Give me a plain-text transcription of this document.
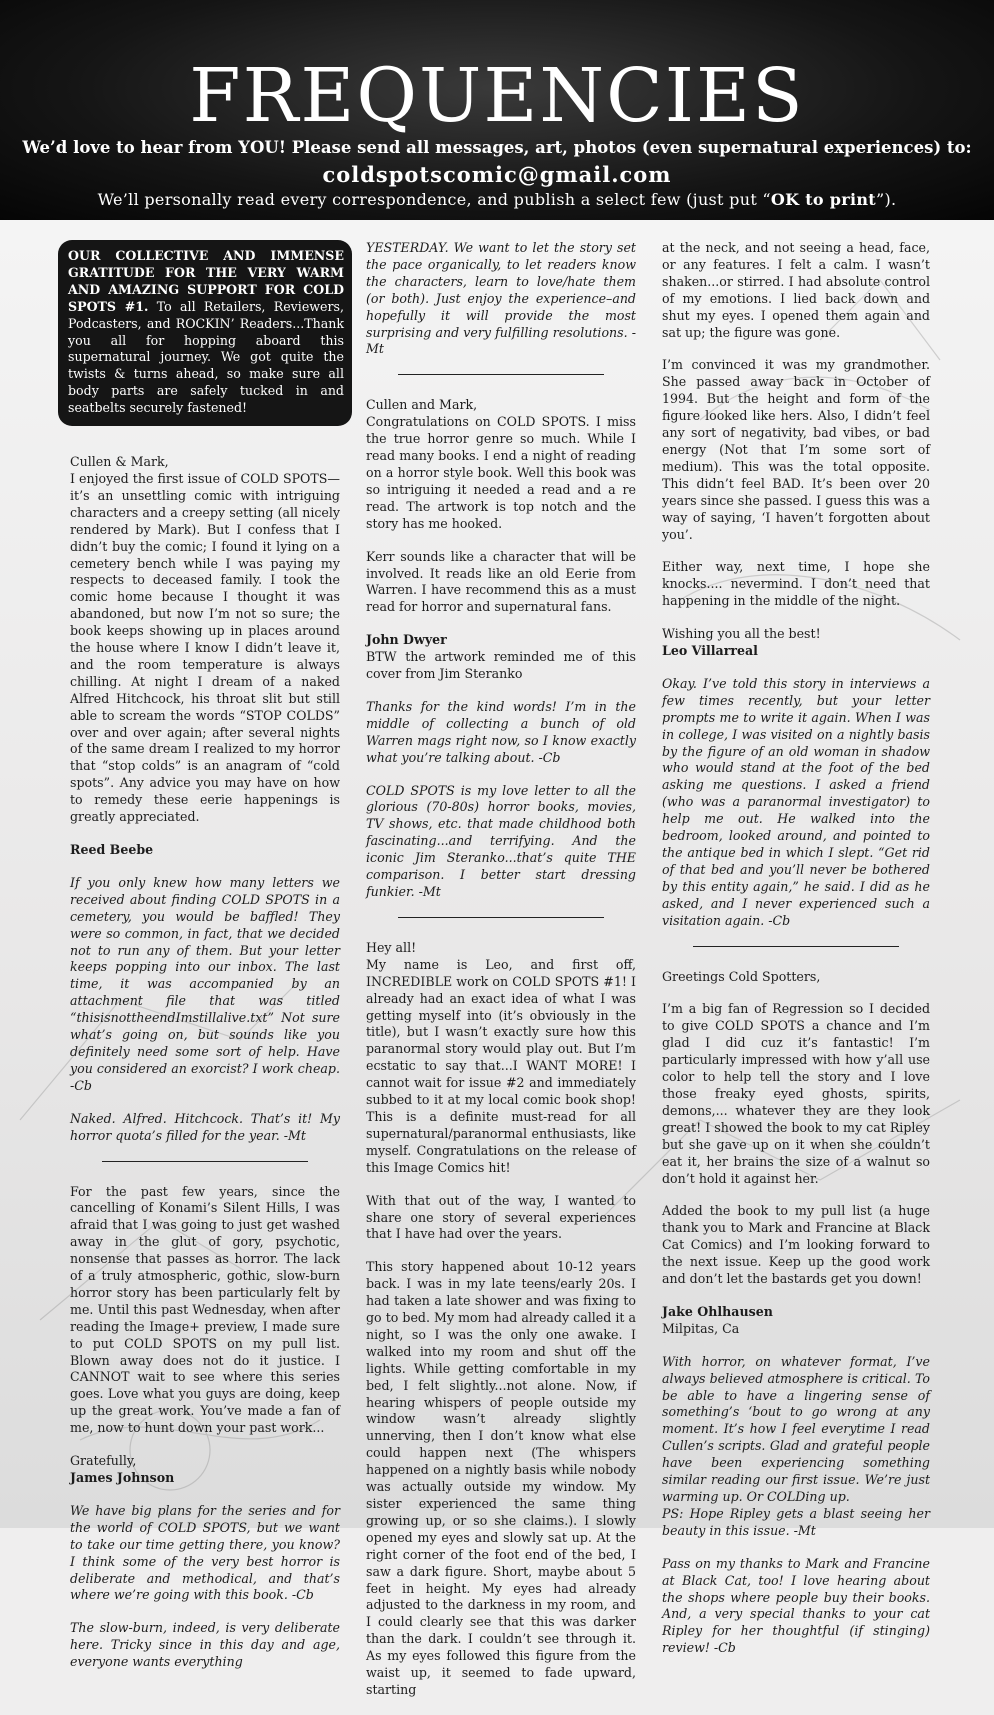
FREQUENCIES

We’d love to hear from YOU! Please send all messages, art, photos (even supernatural experiences) to:

coldspotscomic@gmail.com

We’ll personally read every correspondence, and publish a select few (just put “OK to print”).

OUR COLLECTIVE AND IMMENSE GRATITUDE FOR THE VERY WARM AND AMAZING SUPPORT FOR COLD SPOTS #1. To all Retailers, Reviewers, Podcasters, and ROCKIN’ Readers...Thank you all for hopping aboard this supernatural journey. We got quite the twists & turns ahead, so make sure all body parts are safely tucked in and seatbelts securely fastened!

Cullen & Mark,

I enjoyed the first issue of COLD SPOTS—it’s an unsettling comic with intriguing characters and a creepy setting (all nicely rendered by Mark). But I confess that I didn’t buy the comic; I found it lying on a cemetery bench while I was paying my respects to deceased family. I took the comic home because I thought it was abandoned, but now I’m not so sure; the book keeps showing up in places around the house where I know I didn’t leave it, and the room temperature is always chilling. At night I dream of a naked Alfred Hitchcock, his throat slit but still able to scream the words “STOP COLDS” over and over again; after several nights of the same dream I realized to my horror that “stop colds” is an anagram of “cold spots”. Any advice you may have on how to remedy these eerie happenings is greatly appreciated.

Reed Beebe

If you only knew how many letters we received about finding COLD SPOTS in a cemetery, you would be baffled! They were so common, in fact, that we decided not to run any of them. But your letter keeps popping into our inbox. The last time, it was accompanied by an attachment file that was titled “thisisnottheendImstillalive.txt” Not sure what’s going on, but sounds like you definitely need some sort of help. Have you considered an exorcist? I work cheap. -Cb

Naked. Alfred. Hitchcock. That’s it! My horror quota’s filled for the year. -Mt

For the past few years, since the cancelling of Konami’s Silent Hills, I was afraid that I was going to just get washed away in the glut of gory, psychotic, nonsense that passes as horror. The lack of a truly atmospheric, gothic, slow-burn horror story has been particularly felt by me. Until this past Wednesday, when after reading the Image+ preview, I made sure to put COLD SPOTS on my pull list. Blown away does not do it justice. I CANNOT wait to see where this series goes. Love what you guys are doing, keep up the great work. You’ve made a fan of me, now to hunt down your past work...

Gratefully,

James Johnson

We have big plans for the series and for the world of COLD SPOTS, but we want to take our time getting there, you know? I think some of the very best horror is deliberate and methodical, and that’s where we’re going with this book. -Cb

The slow-burn, indeed, is very deliberate here. Tricky since in this day and age, everyone wants everything

YESTERDAY. We want to let the story set the pace organically, to let readers know the characters, learn to love/hate them (or both). Just enjoy the experience–and hopefully it will provide the most surprising and very fulfilling resolutions. -Mt

Cullen and Mark,

Congratulations on COLD SPOTS. I miss the true horror genre so much. While I read many books. I end a night of reading on a horror style book. Well this book was so intriguing it needed a read and a re read. The artwork is top notch and the story has me hooked.

Kerr sounds like a character that will be involved. It reads like an old Eerie from Warren. I have recommend this as a must read for horror and supernatural fans.

John Dwyer

BTW the artwork reminded me of this cover from Jim Steranko

Thanks for the kind words! I’m in the middle of collecting a bunch of old Warren mags right now, so I know exactly what you’re talking about. -Cb

COLD SPOTS is my love letter to all the glorious (70-80s) horror books, movies, TV shows, etc. that made childhood both fascinating...and terrifying. And the iconic Jim Steranko...that’s quite THE comparison. I better start dressing funkier. -Mt

Hey all!

My name is Leo, and first off, INCREDIBLE work on COLD SPOTS #1! I already had an exact idea of what I was getting myself into (it’s obviously in the title), but I wasn’t exactly sure how this paranormal story would play out. But I’m ecstatic to say that...I WANT MORE! I cannot wait for issue #2 and immediately subbed to it at my local comic book shop! This is a definite must-read for all supernatural/paranormal enthusiasts, like myself. Congratulations on the release of this Image Comics hit!

With that out of the way, I wanted to share one story of several experiences that I have had over the years.

This story happened about 10-12 years back. I was in my late teens/early 20s. I had taken a late shower and was fixing to go to bed. My mom had already called it a night, so I was the only one awake. I walked into my room and shut off the lights. While getting comfortable in my bed, I felt slightly...not alone. Now, if hearing whispers of people outside my window wasn’t already slightly unnerving, then I don’t know what else could happen next (The whispers happened on a nightly basis while nobody was actually outside my window. My sister experienced the same thing growing up, or so she claims.). I slowly opened my eyes and slowly sat up. At the right corner of the foot end of the bed, I saw a dark figure. Short, maybe about 5 feet in height. My eyes had already adjusted to the darkness in my room, and I could clearly see that this was darker than the dark. I couldn’t see through it. As my eyes followed this figure from the waist up, it seemed to fade upward, starting

at the neck, and not seeing a head, face, or any features. I felt a calm. I wasn’t shaken...or stirred. I had absolute control of my emotions. I lied back down and shut my eyes. I opened them again and sat up; the figure was gone.

I’m convinced it was my grandmother. She passed away back in October of 1994. But the height and form of the figure looked like hers. Also, I didn’t feel any sort of negativity, bad vibes, or bad energy (Not that I’m some sort of medium). This was the total opposite. This didn’t feel BAD. It’s been over 20 years since she passed. I guess this was a way of saying, ‘I haven’t forgotten about you’.

Either way, next time, I hope she knocks.... nevermind. I don’t need that happening in the middle of the night.

Wishing you all the best!

Leo Villarreal

Okay. I’ve told this story in interviews a few times recently, but your letter prompts me to write it again. When I was in college, I was visited on a nightly basis by the figure of an old woman in shadow who would stand at the foot of the bed asking me questions. I asked a friend (who was a paranormal investigator) to help me out. He walked into the bedroom, looked around, and pointed to the antique bed in which I slept. “Get rid of that bed and you’ll never be bothered by this entity again,” he said. I did as he asked, and I never experienced such a visitation again. -Cb

Greetings Cold Spotters,

I’m a big fan of Regression so I decided to give COLD SPOTS a chance and I’m glad I did cuz it’s fantastic! I’m particularly impressed with how y’all use color to help tell the story and I love those freaky eyed ghosts, spirits, demons,... whatever they are they look great! I showed the book to my cat Ripley but she gave up on it when she couldn’t eat it, her brains the size of a walnut so don’t hold it against her.

Added the book to my pull list (a huge thank you to Mark and Francine at Black Cat Comics) and I’m looking forward to the next issue. Keep up the good work and don’t let the bastards get you down!

Jake Ohlhausen

Milpitas, Ca

With horror, on whatever format, I’ve always believed atmosphere is critical. To be able to have a lingering sense of something’s ‘bout to go wrong at any moment. It’s how I feel everytime I read Cullen’s scripts. Glad and grateful people have been experiencing something similar reading our first issue. We’re just warming up. Or COLDing up.

PS: Hope Ripley gets a blast seeing her beauty in this issue. -Mt

Pass on my thanks to Mark and Francine at Black Cat, too! I love hearing about the shops where people buy their books. And, a very special thanks to your cat Ripley for her thoughtful (if stinging) review! -Cb
